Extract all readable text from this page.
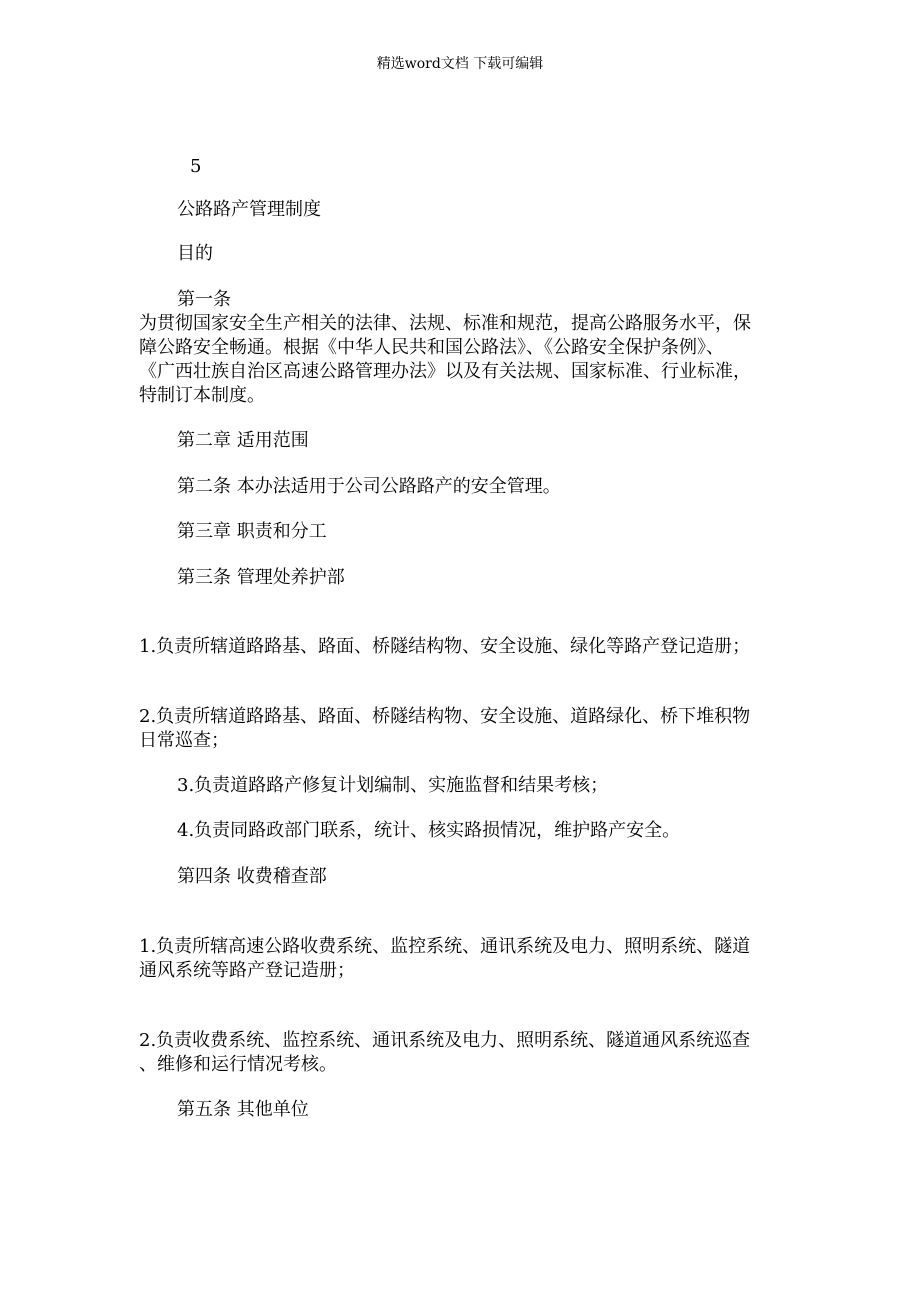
精选word文档 下载可编辑
5
公路路产管理制度
目的
第一条
为贯彻国家安全生产相关的法律、法规、标准和规范，提高公路服务水平，保
障公路安全畅通。根据《中华人民共和国公路法》、《公路安全保护条例》、
《广西壮族自治区高速公路管理办法》以及有关法规、国家标准、行业标准，
特制订本制度。
第二章 适用范围
第二条 本办法适用于公司公路路产的安全管理。
第三章 职责和分工
第三条 管理处养护部
1.负责所辖道路路基、路面、桥隧结构物、安全设施、绿化等路产登记造册；
2.负责所辖道路路基、路面、桥隧结构物、安全设施、道路绿化、桥下堆积物
日常巡查；
3.负责道路路产修复计划编制、实施监督和结果考核；
4.负责同路政部门联系，统计、核实路损情况，维护路产安全。
第四条 收费稽查部
1.负责所辖高速公路收费系统、监控系统、通讯系统及电力、照明系统、隧道
通风系统等路产登记造册；
2.负责收费系统、监控系统、通讯系统及电力、照明系统、隧道通风系统巡查
、维修和运行情况考核。
第五条 其他单位
